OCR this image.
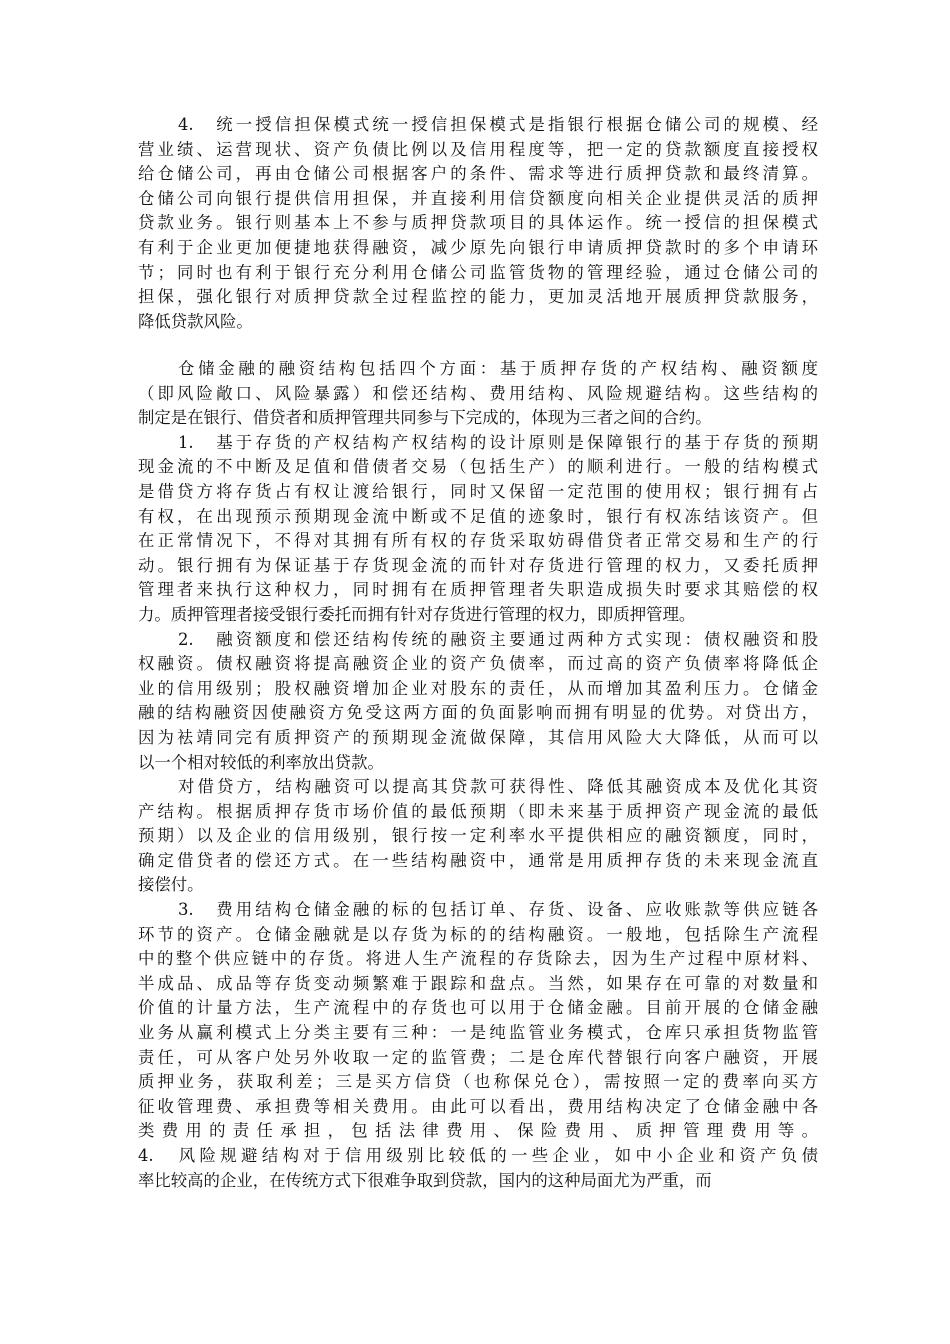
4.　统一授信担保模式统一授信担保模式是指银行根据仓储公司的规模、经
营业绩、运营现状、资产负债比例以及信用程度等，把一定的贷款额度直接授权
给仓储公司，再由仓储公司根据客户的条件、需求等进行质押贷款和最终清算。
仓储公司向银行提供信用担保，并直接利用信贷额度向相关企业提供灵活的质押
贷款业务。银行则基本上不参与质押贷款项目的具体运作。统一授信的担保模式
有利于企业更加便捷地获得融资，减少原先向银行申请质押贷款时的多个申请环
节；同时也有利于银行充分利用仓储公司监管货物的管理经验，通过仓储公司的
担保，强化银行对质押贷款全过程监控的能力，更加灵活地开展质押贷款服务，
降低贷款风险。
仓储金融的融资结构包括四个方面：基于质押存货的产权结构、融资额度
（即风险敞口、风险暴露）和偿还结构、费用结构、风险规避结构。这些结构的
制定是在银行、借贷者和质押管理共同参与下完成的，体现为三者之间的合约。
1.　基于存货的产权结构产权结构的设计原则是保障银行的基于存货的预期
现金流的不中断及足值和借债者交易（包括生产）的顺利进行。一般的结构模式
是借贷方将存货占有权让渡给银行，同时又保留一定范围的使用权；银行拥有占
有权，在出现预示预期现金流中断或不足值的迹象时，银行有权冻结该资产。但
在正常情况下，不得对其拥有所有权的存货采取妨碍借贷者正常交易和生产的行
动。银行拥有为保证基于存货现金流的而针对存货进行管理的权力，又委托质押
管理者来执行这种权力，同时拥有在质押管理者失职造成损失时要求其赔偿的权
力。质押管理者接受银行委托而拥有针对存货进行管理的权力，即质押管理。
2.　融资额度和偿还结构传统的融资主要通过两种方式实现：债权融资和股
权融资。债权融资将提高融资企业的资产负债率，而过高的资产负债率将降低企
业的信用级别；股权融资增加企业对股东的责任，从而增加其盈利压力。仓储金
融的结构融资因使融资方免受这两方面的负面影响而拥有明显的优势。对贷出方，
因为袪靖同完有质押资产的预期现金流做保障，其信用风险大大降低，从而可以
以一个相对较低的利率放出贷款。
对借贷方，结构融资可以提高其贷款可获得性、降低其融资成本及优化其资
产结构。根据质押存货市场价值的最低预期（即未来基于质押资产现金流的最低
预期）以及企业的信用级别，银行按一定利率水平提供相应的融资额度，同时，
确定借贷者的偿还方式。在一些结构融资中，通常是用质押存货的未来现金流直
接偿付。
3.　费用结构仓储金融的标的包括订单、存货、设备、应收账款等供应链各
环节的资产。仓储金融就是以存货为标的的结构融资。一般地，包括除生产流程
中的整个供应链中的存货。将进人生产流程的存货除去，因为生产过程中原材料、
半成品、成品等存货变动频繁难于跟踪和盘点。当然，如果存在可靠的对数量和
价值的计量方法，生产流程中的存货也可以用于仓储金融。目前开展的仓储金融
业务从赢利模式上分类主要有三种：一是纯监管业务模式，仓库只承担货物监管
责任，可从客户处另外收取一定的监管费；二是仓库代替银行向客户融资，开展
质押业务，获取利差；三是买方信贷（也称保兑仓），需按照一定的费率向买方
征收管理费、承担费等相关费用。由此可以看出，费用结构决定了仓储金融中各
类费用的责任承担，包括法律费用、保险费用、质押管理费用等。
4.　风险规避结构对于信用级别比较低的一些企业，如中小企业和资产负债
率比较高的企业，在传统方式下很难争取到贷款，国内的这种局面尤为严重，而
